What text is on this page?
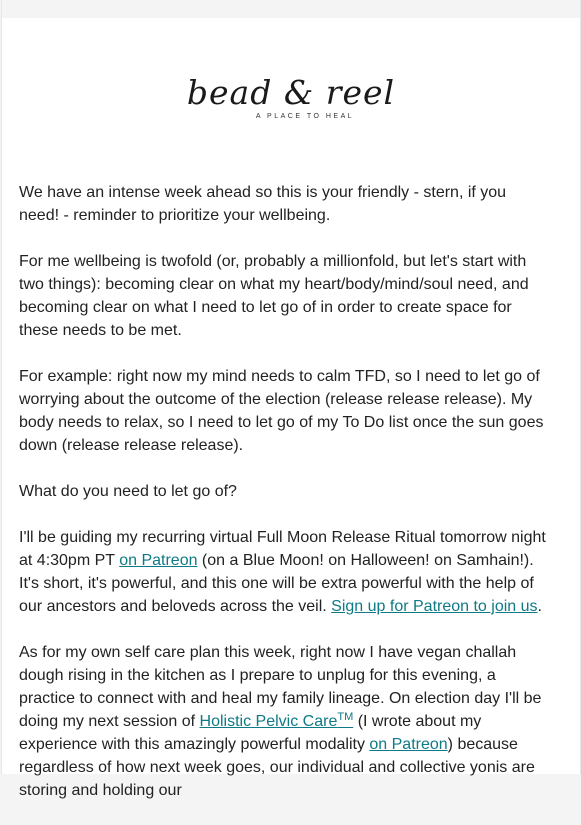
bead & reel
A PLACE TO HEAL

We have an intense week ahead so this is your friendly - stern, if you need! - reminder to prioritize your wellbeing.

For me wellbeing is twofold (or, probably a millionfold, but let's start with two things): becoming clear on what my heart/body/mind/soul need, and becoming clear on what I need to let go of in order to create space for these needs to be met.

For example: right now my mind needs to calm TFD, so I need to let go of worrying about the outcome of the election (release release release). My body needs to relax, so I need to let go of my To Do list once the sun goes down (release release release).

What do you need to let go of?

I'll be guiding my recurring virtual Full Moon Release Ritual tomorrow night at 4:30pm PT on Patreon (on a Blue Moon! on Halloween! on Samhain!). It's short, it's powerful, and this one will be extra powerful with the help of our ancestors and beloveds across the veil. Sign up for Patreon to join us.

As for my own self care plan this week, right now I have vegan challah dough rising in the kitchen as I prepare to unplug for this evening, a practice to connect with and heal my family lineage. On election day I'll be doing my next session of Holistic Pelvic Care™ (I wrote about my experience with this amazingly powerful modality on Patreon) because regardless of how next week goes, our individual and collective yonis are storing and holding our
